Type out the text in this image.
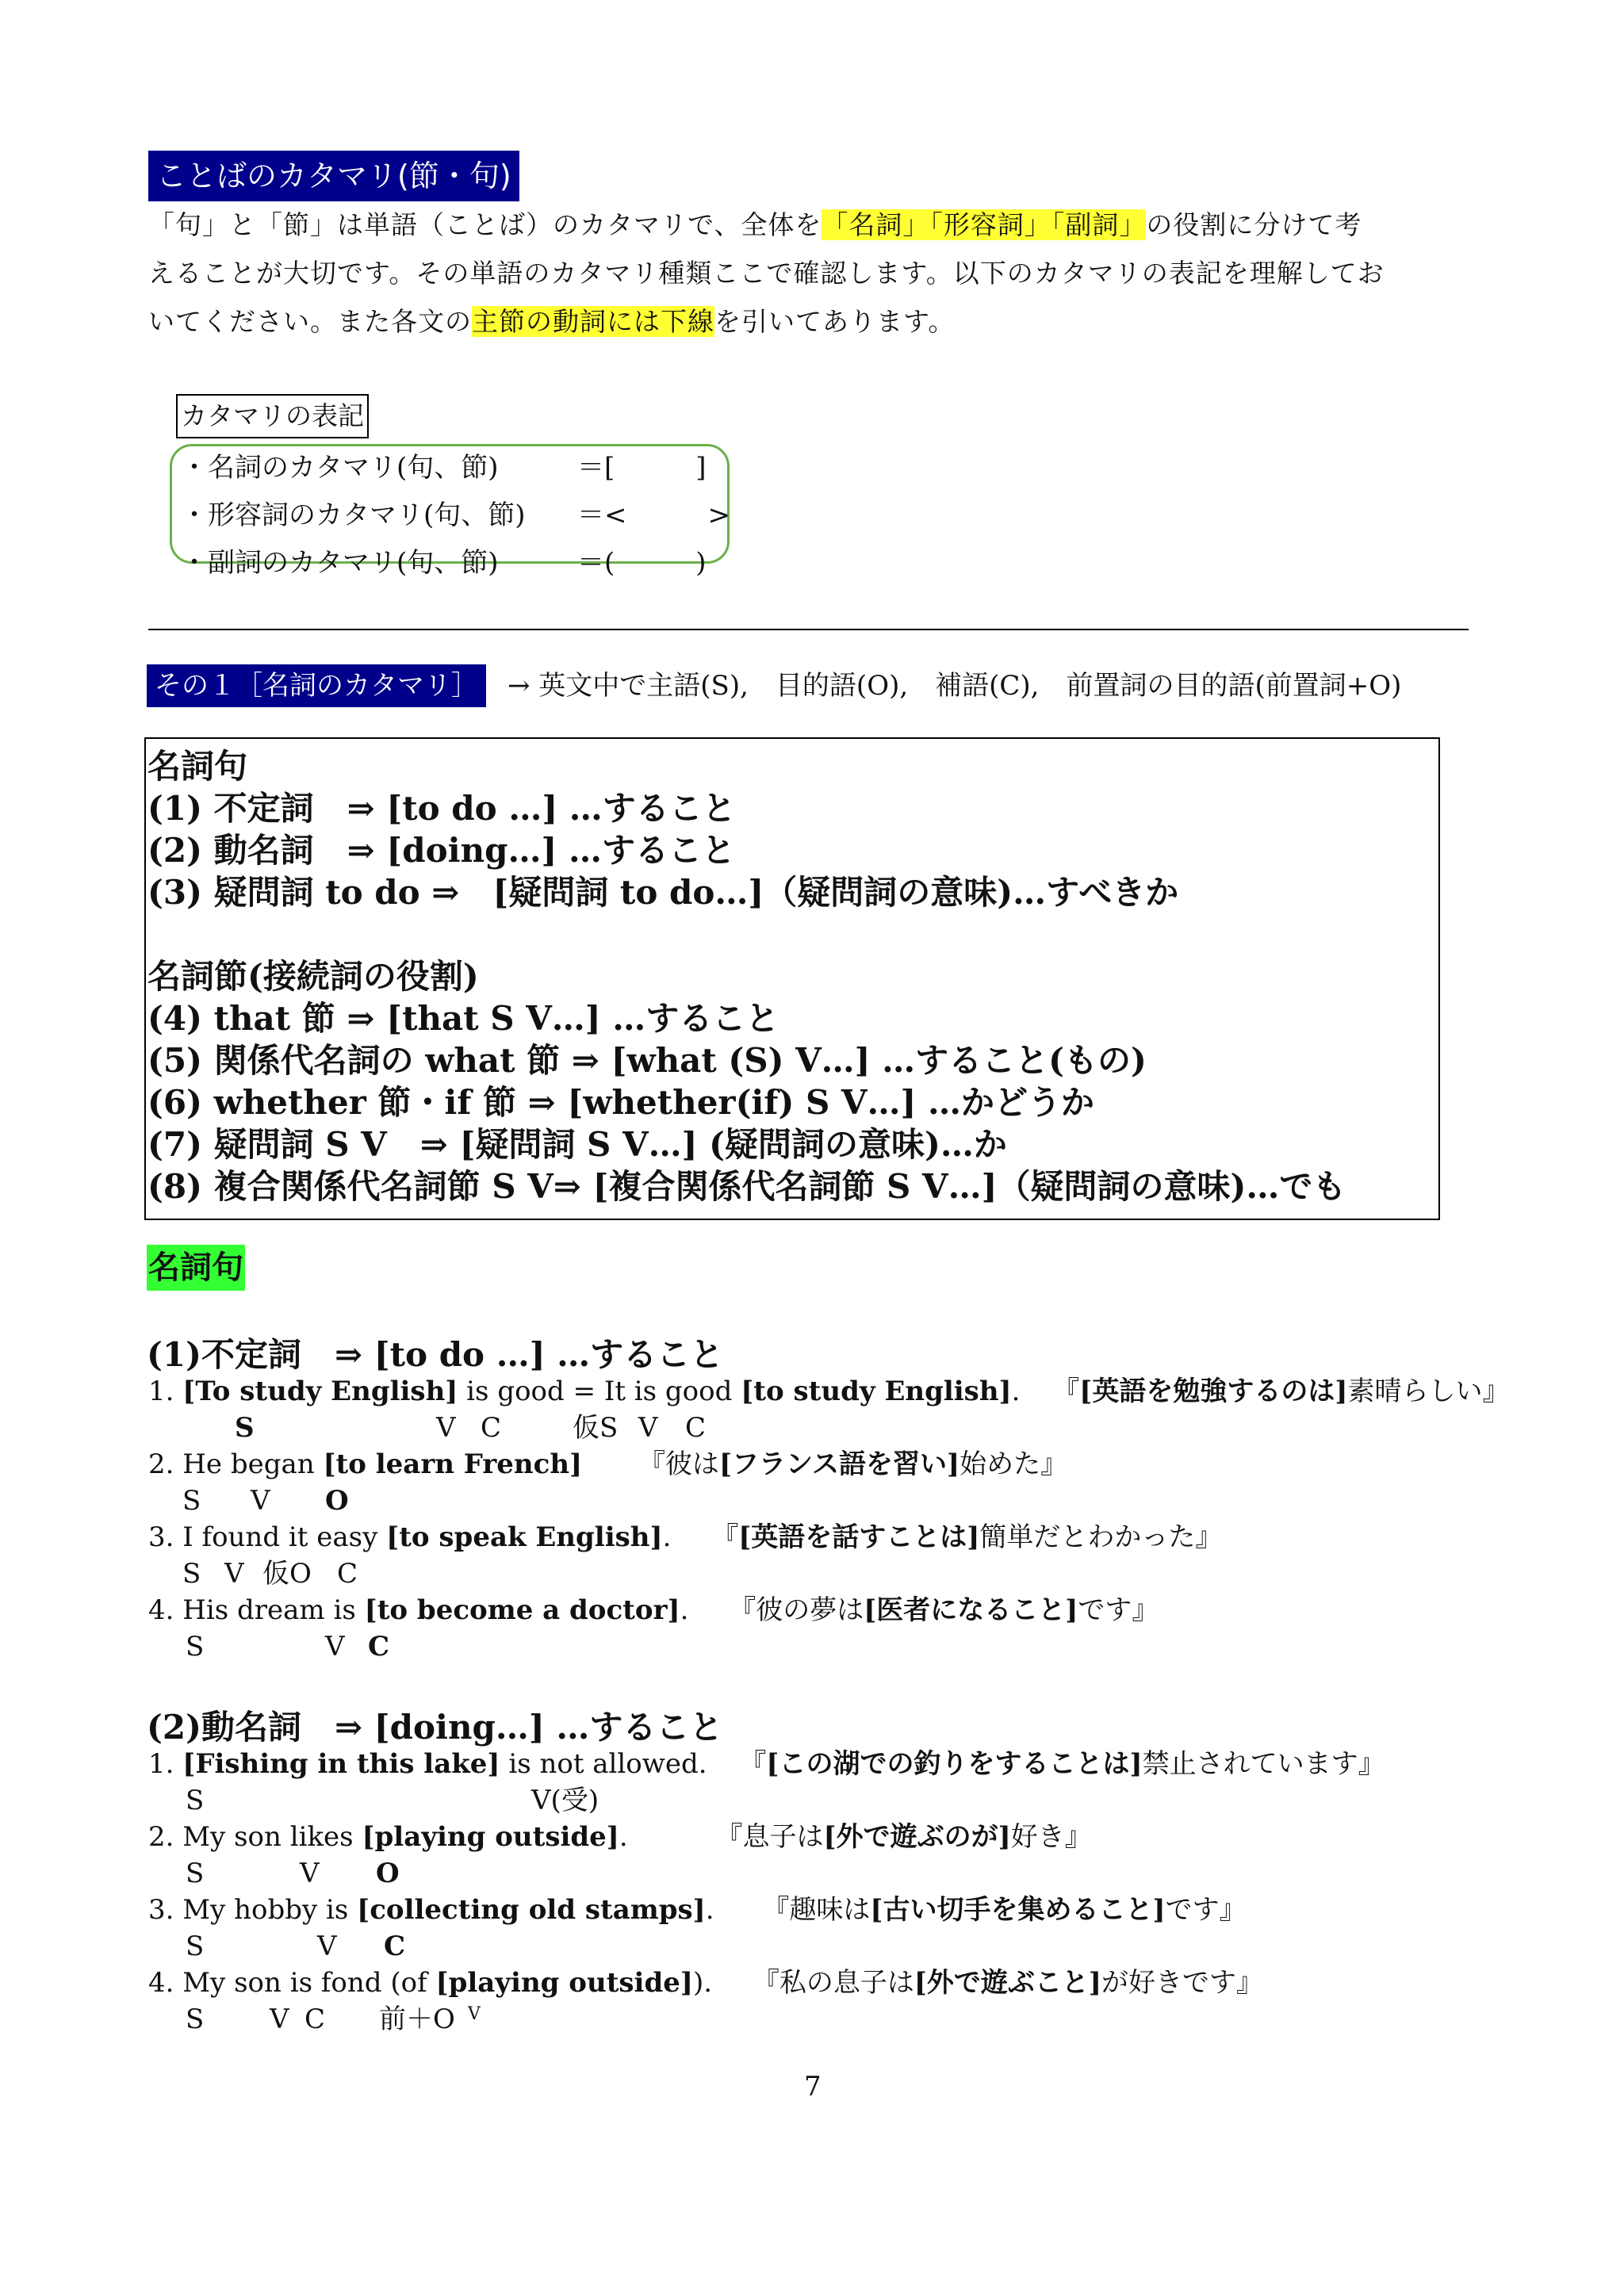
ことばのカタマリ(節・句)
「句」と「節」は単語（ことば）のカタマリで、全体を「名詞」「形容詞」「副詞」の役割に分けて考
えることが大切です。その単語のカタマリ種類ここで確認します。以下のカタマリの表記を理解してお
いてください。また各文の主節の動詞には下線を引いてあります。
カタマリの表記
・名詞のカタマリ(句、節)	＝[　　　]
・形容詞のカタマリ(句、節) ＝<　　　>
・副詞のカタマリ(句、節)	＝(　　　)
その１［名詞のカタマリ］ → 英文中で主語(S),　目的語(O),　補語(C),　前置詞の目的語(前置詞+O)
名詞句
(1) 不定詞　⇒ [to do …] …すること
(2) 動名詞　⇒ [doing…] …すること
(3) 疑問詞 to do ⇒　[疑問詞 to do…]（疑問詞の意味)…すべきか
名詞節(接続詞の役割)
(4) that 節 ⇒ [that S V…] …すること
(5) 関係代名詞の what 節 ⇒ [what (S) V…] …すること(もの)
(6) whether 節・if 節 ⇒ [whether(if) S V…] …かどうか
(7) 疑問詞 S V　⇒ [疑問詞 S V…] (疑問詞の意味)…か
(8) 複合関係代名詞節 S V⇒ [複合関係代名詞節 S V…]（疑問詞の意味)…でも
名詞句
(1)不定詞　⇒ [to do …] …すること
1. [To study English] is good = It is good [to study English]. 『[英語を勉強するのは]素晴らしい』
S	V C	仮S V C
2. He began [to learn French] 『彼は[フランス語を習い]始めた』
S V O
3. I found it easy [to speak English]. 『[英語を話すことは]簡単だとわかった』
S V 仮O C
4. His dream is [to become a doctor]. 『彼の夢は[医者になること]です』
S	V C
(2)動名詞　⇒ [doing…] …すること
1. [Fishing in this lake] is not allowed. 『[この湖での釣りをすることは]禁止されています』
S	V(受)
2. My son likes [playing outside].	『息子は[外で遊ぶのが]好き』
S	V O
3. My hobby is [collecting old stamps]. 『趣味は[古い切手を集めること]です』
S	V C
4. My son is fond (of [playing outside]). 『私の息子は[外で遊ぶこと]が好きです』
S V C 前＋O V
7
